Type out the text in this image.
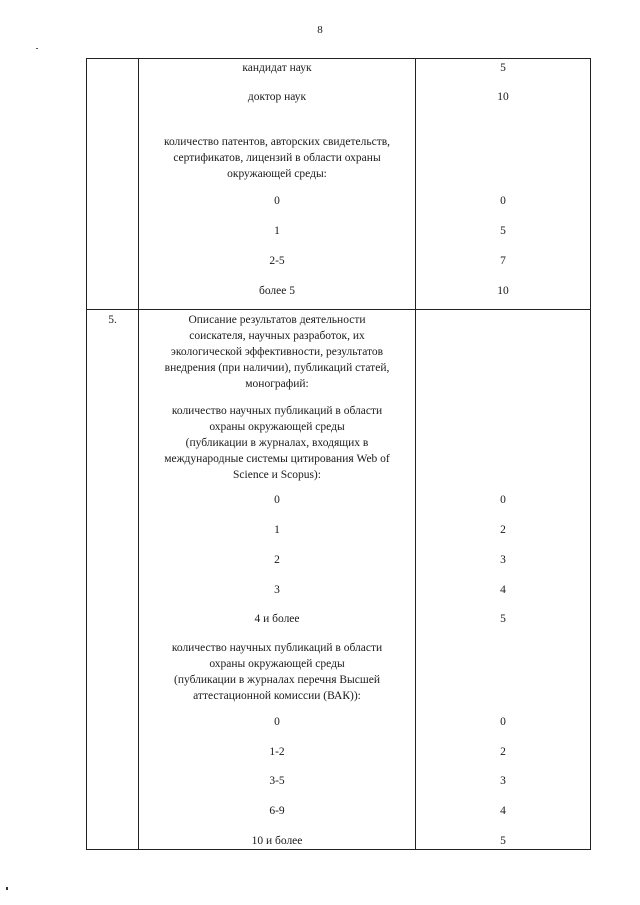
8
кандидат наук	5
доктор наук	10
количество патентов, авторских свидетельств,
сертификатов, лицензий в области охраны
окружающей среды:
0	0
1	5
2-5	7
более 5	10
5.	Описание результатов деятельности
соискателя, научных разработок, их
экологической эффективности, результатов
внедрения (при наличии), публикаций статей,
монографий:
количество научных публикаций в области
охраны окружающей среды
(публикации в журналах, входящих в
международные системы цитирования Web of
Science и Scopus):
0	0
1	2
2	3
3	4
4 и более	5
количество научных публикаций в области
охраны окружающей среды
(публикации в журналах перечня Высшей
аттестационной комиссии (ВАК)):
0	0
1-2	2
3-5	3
6-9	4
10 и более	5
